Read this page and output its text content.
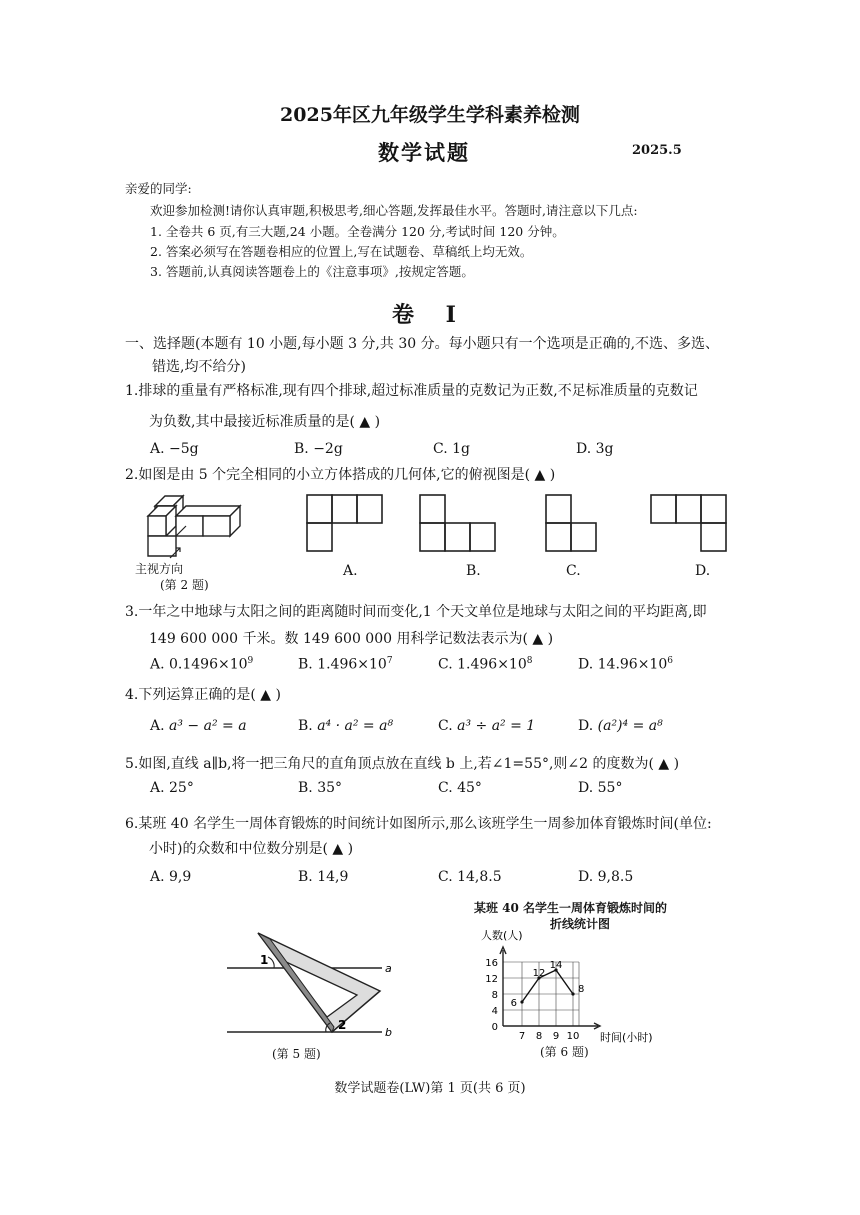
2025年区九年级学生学科素养检测
数学试题	2025.5
亲爱的同学:
欢迎参加检测!请你认真审题,积极思考,细心答题,发挥最佳水平。答题时,请注意以下几点:
1. 全卷共 6 页,有三大题,24 小题。全卷满分 120 分,考试时间 120 分钟。
2. 答案必须写在答题卷相应的位置上,写在试题卷、草稿纸上均无效。
3. 答题前,认真阅读答题卷上的《注意事项》,按规定答题。
卷 I
一、选择题(本题有 10 小题,每小题 3 分,共 30 分。每小题只有一个选项是正确的,不选、多选、
错选,均不给分)
1.排球的重量有严格标准,现有四个排球,超过标准质量的克数记为正数,不足标准质量的克数记
为负数,其中最接近标准质量的是( ▲ )
A. −5g	B. −2g	C. 1g	D. 3g
2.如图是由 5 个完全相同的小立方体搭成的几何体,它的俯视图是( ▲ )
主视方向
(第 2 题)
A.	B.	C.	D.
3.一年之中地球与太阳之间的距离随时间而变化,1 个天文单位是地球与太阳之间的平均距离,即
149 600 000 千米。数 149 600 000 用科学记数法表示为( ▲ )
A. $0.1496\times 10^9$	B. $1.496\times 10^7$	C. $1.496\times 10^8$	D. $14.96\times 10^6$
4.下列运算正确的是( ▲ )
A. a³ − a² = a	B. a⁴ · a² = a⁸	C. a³ ÷ a² = 1	D. (a²)⁴ = a⁸
5.如图,直线 a∥b,将一把三角尺的直角顶点放在直线 b 上,若∠1=55°,则∠2 的度数为( ▲ )
A. 25°	B. 35°	C. 45°	D. 55°
6.某班 40 名学生一周体育锻炼的时间统计如图所示,那么该班学生一周参加体育锻炼时间(单位:
小时)的众数和中位数分别是( ▲ )
A. 9,9	B. 14,9	C. 14,8.5	D. 9,8.5
a
b
1
2
(第 5 题)
某班 40 名学生一周体育锻炼时间的
折线统计图
人数(人)
时间(小时)
0
4
8
12
16
7 8 9 10
6
12
14
8
(第 6 题)
数学试题卷(LW)第 1 页(共 6 页)
